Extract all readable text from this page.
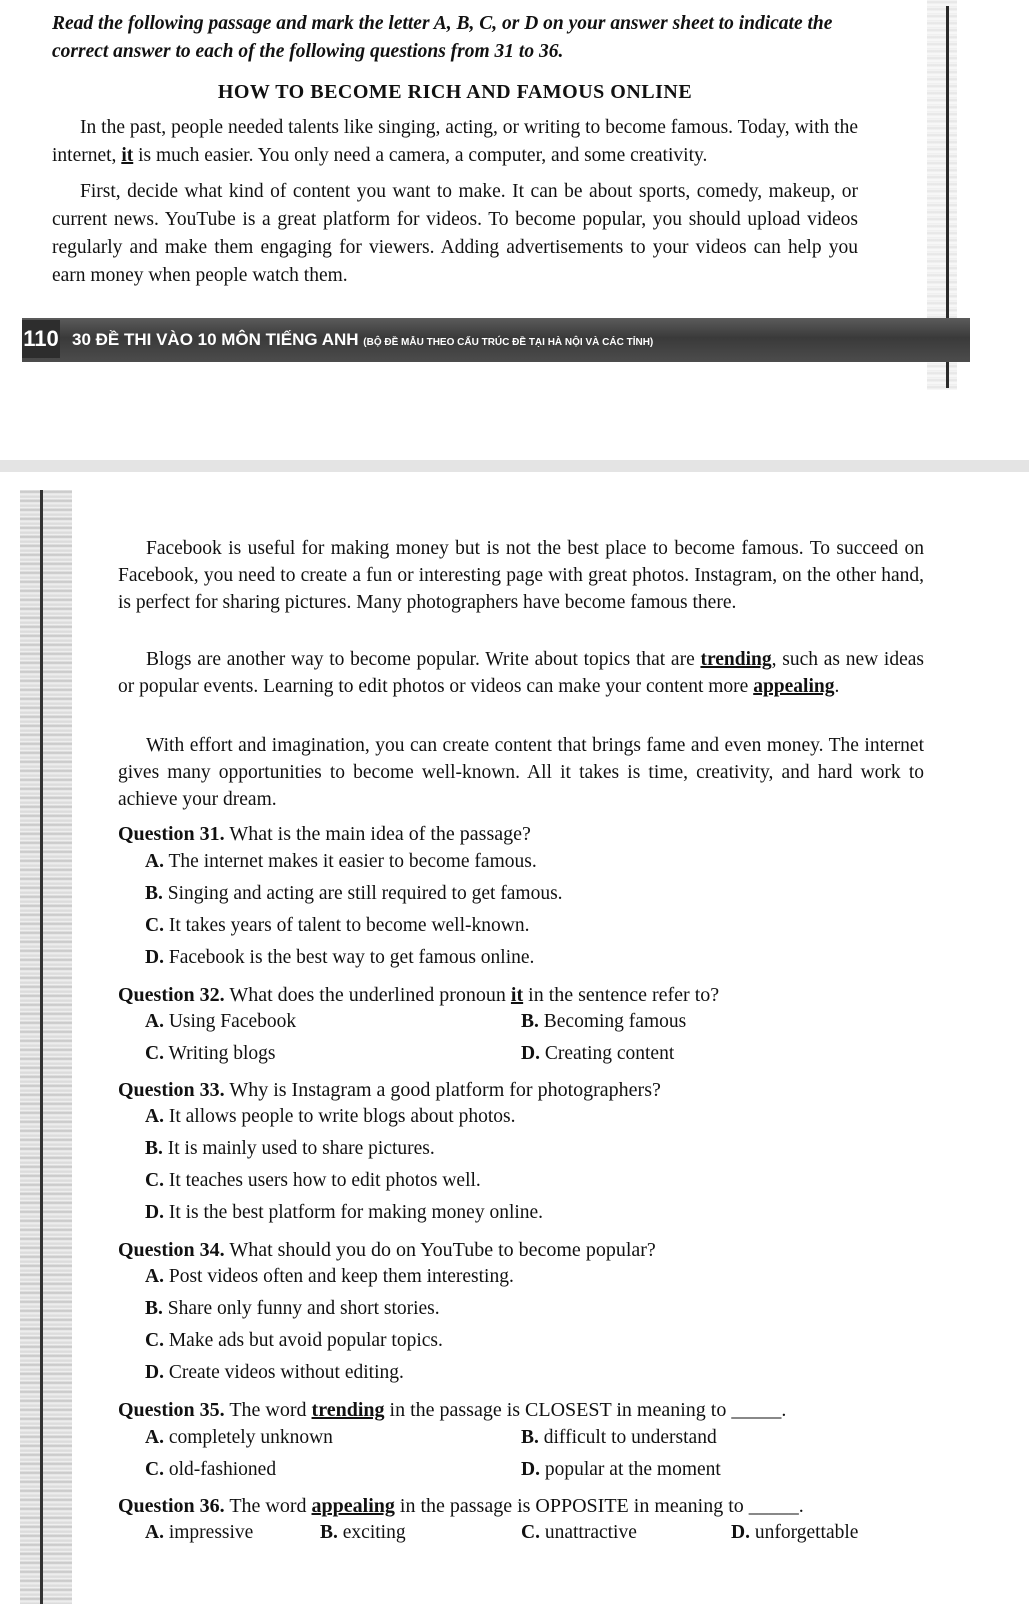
Read the following passage and mark the letter A, B, C, or D on your answer sheet to indicate the correct answer to each of the following questions from 31 to 36.
HOW TO BECOME RICH AND FAMOUS ONLINE
In the past, people needed talents like singing, acting, or writing to become famous. Today, with the internet, it is much easier. You only need a camera, a computer, and some creativity.
First, decide what kind of content you want to make. It can be about sports, comedy, makeup, or current news. YouTube is a great platform for videos. To become popular, you should upload videos regularly and make them engaging for viewers. Adding advertisements to your videos can help you earn money when people watch them.
110 30 ĐỀ THI VÀO 10 MÔN TIẾNG ANH (BỘ ĐỀ MẪU THEO CẤU TRÚC ĐỀ TẠI HÀ NỘI VÀ CÁC TỈNH)
Facebook is useful for making money but is not the best place to become famous. To succeed on Facebook, you need to create a fun or interesting page with great photos. Instagram, on the other hand, is perfect for sharing pictures. Many photographers have become famous there.
Blogs are another way to become popular. Write about topics that are trending, such as new ideas or popular events. Learning to edit photos or videos can make your content more appealing.
With effort and imagination, you can create content that brings fame and even money. The internet gives many opportunities to become well-known. All it takes is time, creativity, and hard work to achieve your dream.
Question 31. What is the main idea of the passage?
A. The internet makes it easier to become famous.
B. Singing and acting are still required to get famous.
C. It takes years of talent to become well-known.
D. Facebook is the best way to get famous online.
Question 32. What does the underlined pronoun it in the sentence refer to?
A. Using Facebook	B. Becoming famous
C. Writing blogs	D. Creating content
Question 33. Why is Instagram a good platform for photographers?
A. It allows people to write blogs about photos.
B. It is mainly used to share pictures.
C. It teaches users how to edit photos well.
D. It is the best platform for making money online.
Question 34. What should you do on YouTube to become popular?
A. Post videos often and keep them interesting.
B. Share only funny and short stories.
C. Make ads but avoid popular topics.
D. Create videos without editing.
Question 35. The word trending in the passage is CLOSEST in meaning to _____.
A. completely unknown	B. difficult to understand
C. old-fashioned	D. popular at the moment
Question 36. The word appealing in the passage is OPPOSITE in meaning to _____.
A. impressive	B. exciting	C. unattractive	D. unforgettable
